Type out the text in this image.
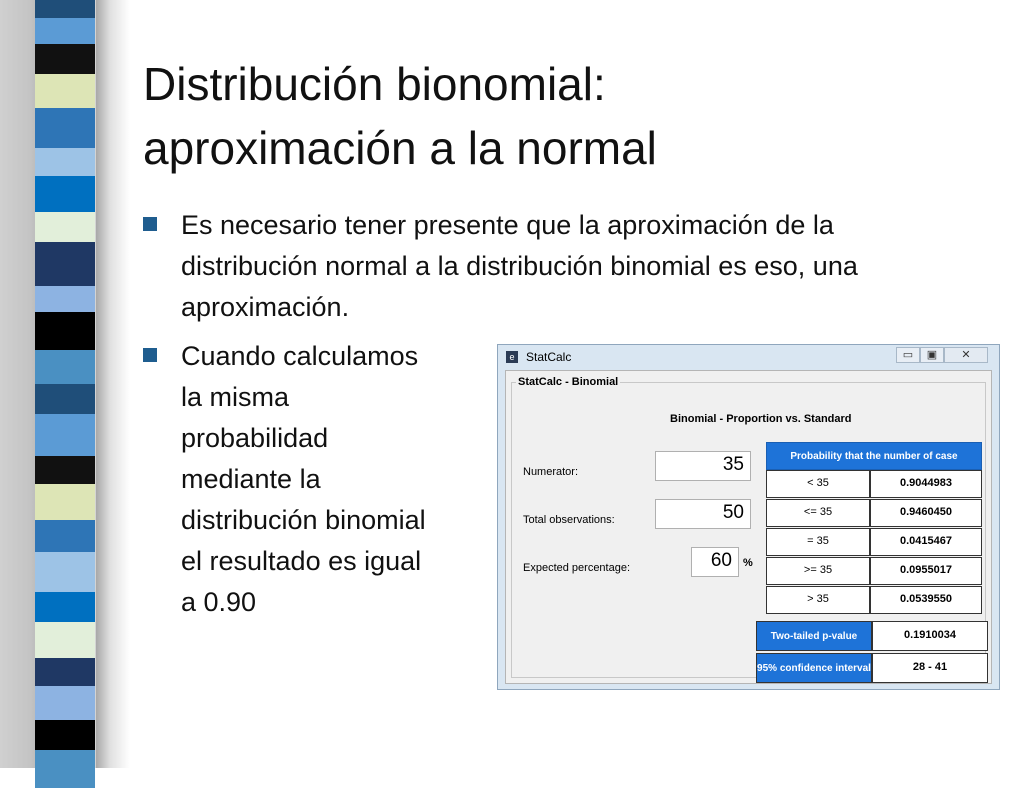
Distribución bionomial:
aproximación a la normal
Es necesario tener presente que la aproximación de la
distribución normal a la distribución binomial es eso, una
aproximación.
Cuando calculamos
la misma
probabilidad
mediante la
distribución binomial
el resultado es igual
a 0.90
e StatCalc	▭	▣	✕
StatCalc - Binomial
Binomial - Proportion vs. Standard
Numerator:	35
Total observations:	50
Expected percentage:	60	%
Probability that the number of case
< 35	0.9044983
<= 35	0.9460450
= 35	0.0415467
>= 35	0.0955017
> 35	0.0539550
Two-tailed p-value	0.1910034
95% confidence interval	28 - 41
